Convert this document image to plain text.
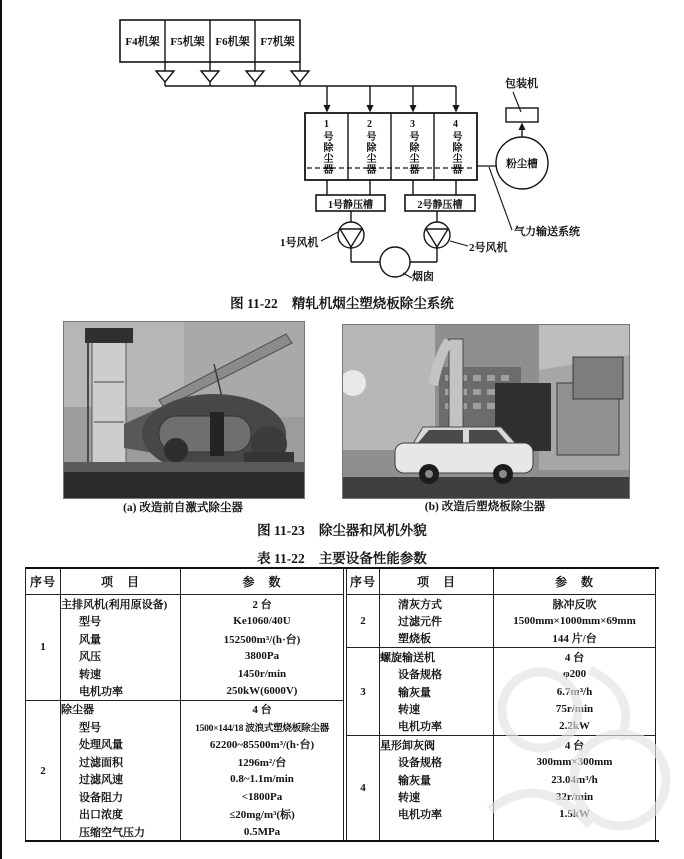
F4机架 F5机架 F6机架 F7机架
1号除尘器	2号除尘器	3号除尘器	4号除尘器
1号静压槽	2号静压槽
粉尘槽
包装机
1号风机	2号风机
气力输送系统
烟囱
图 11-22 精轧机烟尘塑烧板除尘系统
(a) 改造前自激式除尘器	(b) 改造后塑烧板除尘器
图 11-23 除尘器和风机外貌
表 11-22 主要设备性能参数
序号	项　目	参　数
1	主排风机(利用原设备)	2 台
	型号	Ke1060/40U
	风量	152500m³/(h·台)
	风压	3800Pa
	转速	1450r/min
	电机功率	250kW(6000V)
2	除尘器	4 台
	型号	1500×144/18 波浪式塑烧板除尘器
	处理风量	62200~85500m³/(h·台)
	过滤面积	1296m²/台
	过滤风速	0.8~1.1m/min
	设备阻力	<1800Pa
	出口浓度	≤20mg/m³(标)
	压缩空气压力	0.5MPa
序号	项　目	参　数
2	清灰方式	脉冲反吹
	过滤元件	1500mm×1000mm×69mm
	塑烧板	144 片/台
3	螺旋输送机	4 台
	设备规格	φ200
	输灰量	6.7m³/h
	转速	75r/min
	电机功率	2.2kW
4	星形卸灰阀	4 台
	设备规格	300mm×300mm
	输灰量	23.04m³/h
	转速	32r/min
	电机功率	1.5kW
